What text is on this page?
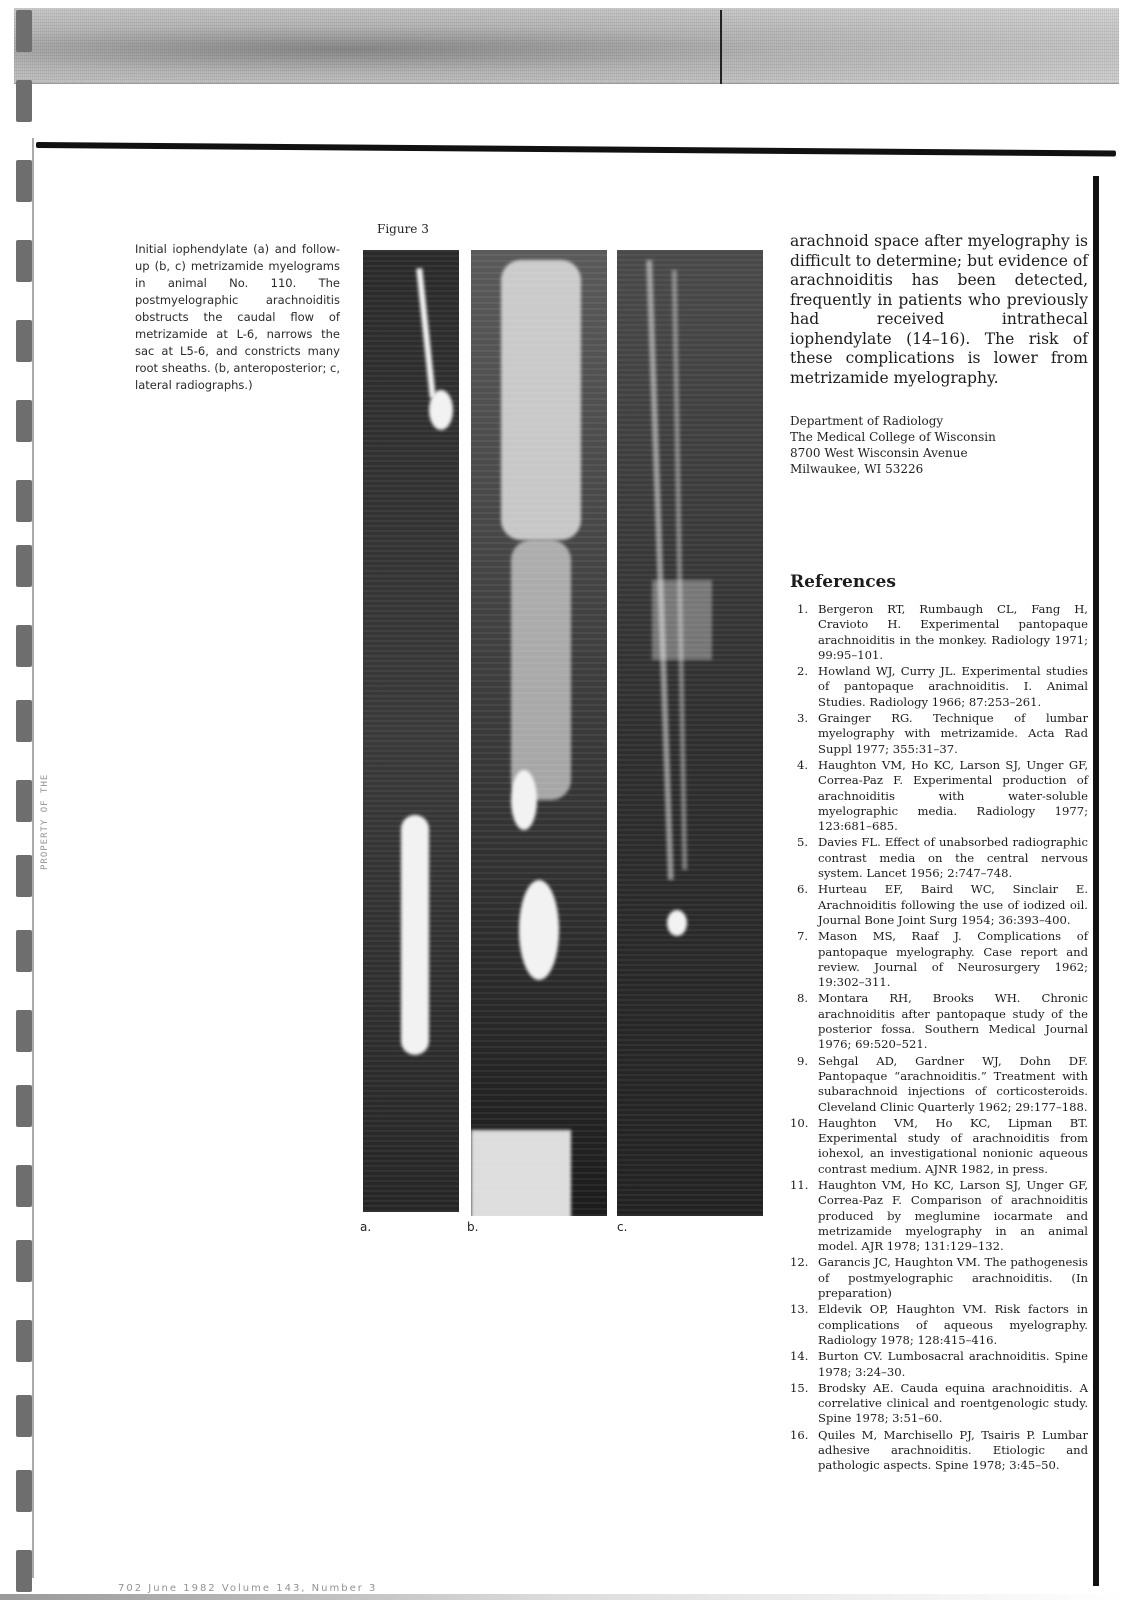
PROPERTY OF THE

Initial iophendylate (a) and follow-up (b, c) metrizamide myelograms in animal No. 110. The postmyelographic arachnoiditis obstructs the caudal flow of metrizamide at L-6, narrows the sac at L5-6, and constricts many root sheaths. (b, anteroposterior; c, lateral radiographs.)

Figure 3
a.	b.	c.

arachnoid space after myelography is difficult to determine; but evidence of arachnoiditis has been detected, frequently in patients who previously had received intrathecal iophendylate (14–16). The risk of these complications is lower from metrizamide myelography.

Department of Radiology
The Medical College of Wisconsin
8700 West Wisconsin Avenue
Milwaukee, WI 53226
References
1. Bergeron RT, Rumbaugh CL, Fang H, Cravioto H. Experimental pantopaque arachnoiditis in the monkey. Radiology 1971; 99:95–101.
2. Howland WJ, Curry JL. Experimental studies of pantopaque arachnoiditis. I. Animal Studies. Radiology 1966; 87:253–261.
3. Grainger RG. Technique of lumbar myelography with metrizamide. Acta Rad Suppl 1977; 355:31–37.
4. Haughton VM, Ho KC, Larson SJ, Unger GF, Correa-Paz F. Experimental production of arachnoiditis with water-soluble myelographic media. Radiology 1977; 123:681–685.
5. Davies FL. Effect of unabsorbed radiographic contrast media on the central nervous system. Lancet 1956; 2:747–748.
6. Hurteau EF, Baird WC, Sinclair E. Arachnoiditis following the use of iodized oil. Journal Bone Joint Surg 1954; 36:393–400.
7. Mason MS, Raaf J. Complications of pantopaque myelography. Case report and review. Journal of Neurosurgery 1962; 19:302–311.
8. Montara RH, Brooks WH. Chronic arachnoiditis after pantopaque study of the posterior fossa. Southern Medical Journal 1976; 69:520–521.
9. Sehgal AD, Gardner WJ, Dohn DF. Pantopaque “arachnoiditis.” Treatment with subarachnoid injections of corticosteroids. Cleveland Clinic Quarterly 1962; 29:177–188.
10. Haughton VM, Ho KC, Lipman BT. Experimental study of arachnoiditis from iohexol, an investigational nonionic aqueous contrast medium. AJNR 1982, in press.
11. Haughton VM, Ho KC, Larson SJ, Unger GF, Correa-Paz F. Comparison of arachnoiditis produced by meglumine iocarmate and metrizamide myelography in an animal model. AJR 1978; 131:129–132.
12. Garancis JC, Haughton VM. The pathogenesis of postmyelographic arachnoiditis. (In preparation)
13. Eldevik OP, Haughton VM. Risk factors in complications of aqueous myelography. Radiology 1978; 128:415–416.
14. Burton CV. Lumbosacral arachnoiditis. Spine 1978; 3:24–30.
15. Brodsky AE. Cauda equina arachnoiditis. A correlative clinical and roentgenologic study. Spine 1978; 3:51–60.
16. Quiles M, Marchisello PJ, Tsairis P. Lumbar adhesive arachnoiditis. Etiologic and pathologic aspects. Spine 1978; 3:45–50.
702 June 1982 Volume 143, Number 3
